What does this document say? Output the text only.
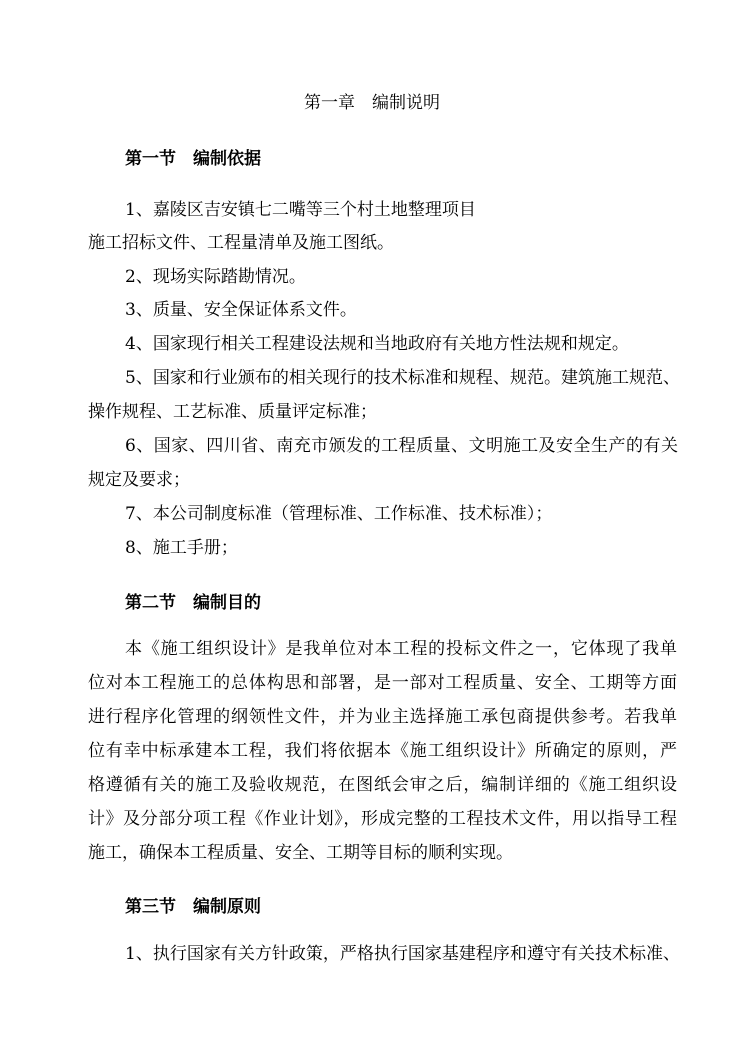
第一章　编制说明
第一节　编制依据
1、嘉陵区吉安镇七二嘴等三个村土地整理项目
施工招标文件、工程量清单及施工图纸。
2、现场实际踏勘情况。
3、质量、安全保证体系文件。
4、国家现行相关工程建设法规和当地政府有关地方性法规和规定。
5、国家和行业颁布的相关现行的技术标准和规程、规范。建筑施工规范、
操作规程、工艺标准、质量评定标准；
6、国家、四川省、南充市颁发的工程质量、文明施工及安全生产的有关
规定及要求；
7、本公司制度标准（管理标准、工作标准、技术标准）；
8、施工手册；
第二节　编制目的
本《施工组织设计》是我单位对本工程的投标文件之一，它体现了我单
位对本工程施工的总体构思和部署，是一部对工程质量、安全、工期等方面
进行程序化管理的纲领性文件，并为业主选择施工承包商提供参考。若我单
位有幸中标承建本工程，我们将依据本《施工组织设计》所确定的原则，严
格遵循有关的施工及验收规范，在图纸会审之后，编制详细的《施工组织设
计》及分部分项工程《作业计划》，形成完整的工程技术文件，用以指导工程
施工，确保本工程质量、安全、工期等目标的顺利实现。
第三节　编制原则
1、执行国家有关方针政策，严格执行国家基建程序和遵守有关技术标准、
